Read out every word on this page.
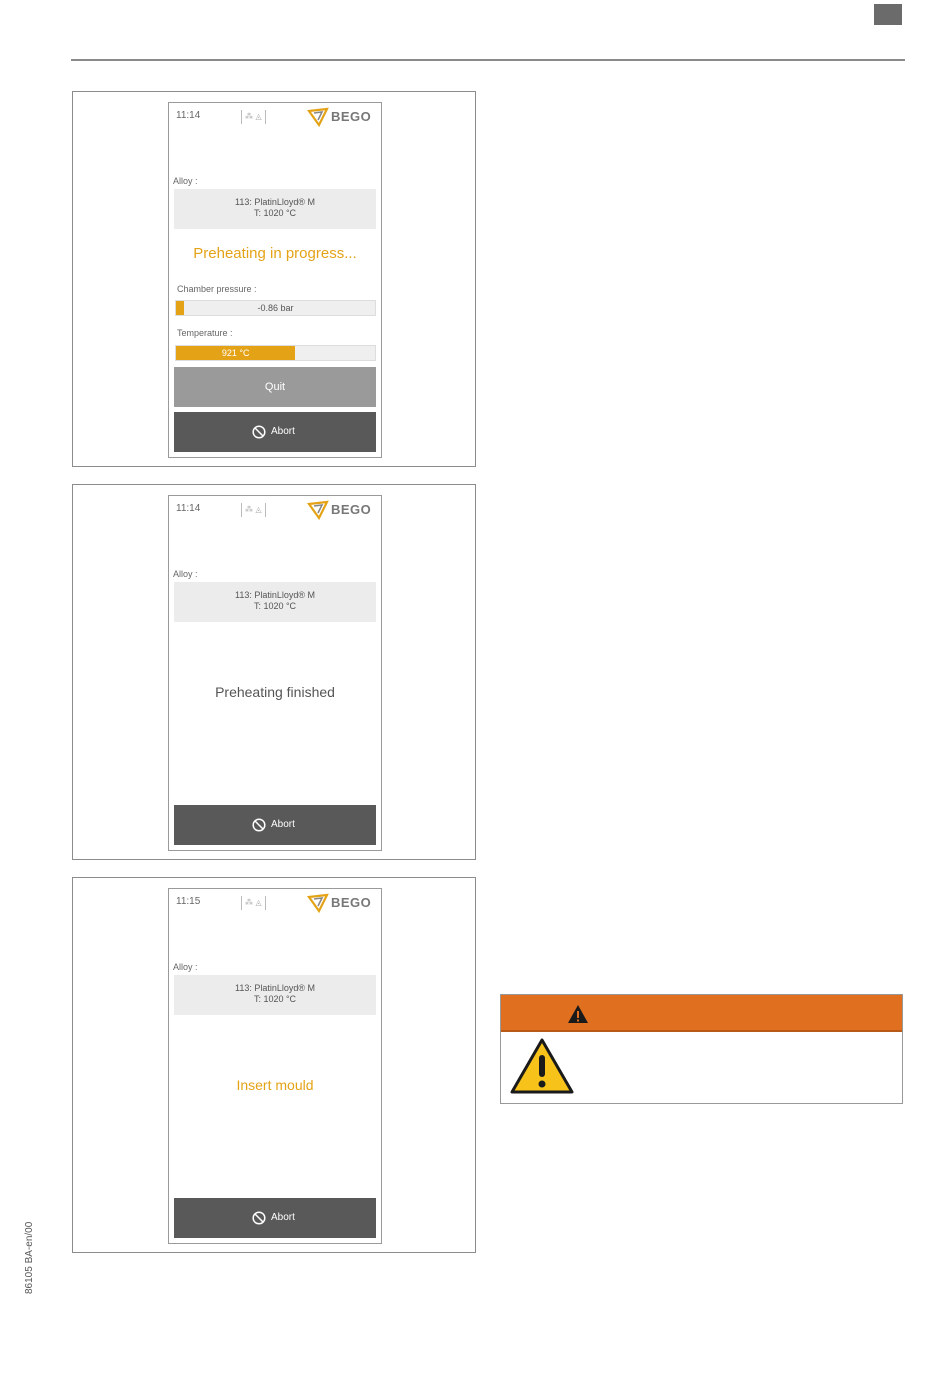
86105 BA-en/00
11:14	⁂ ◬	BEGO
Alloy :
113: PlatinLloyd® M
T: 1020 °C
Preheating in progress...
Chamber pressure :
-0.86 bar
Temperature :
921 °C
Quit
Abort
11:14	⁂ ◬	BEGO
Alloy :
113: PlatinLloyd® M
T: 1020 °C
Preheating finished
Abort
11:15	⁂ ◬	BEGO
Alloy :
113: PlatinLloyd® M
T: 1020 °C
Insert mould
Abort
